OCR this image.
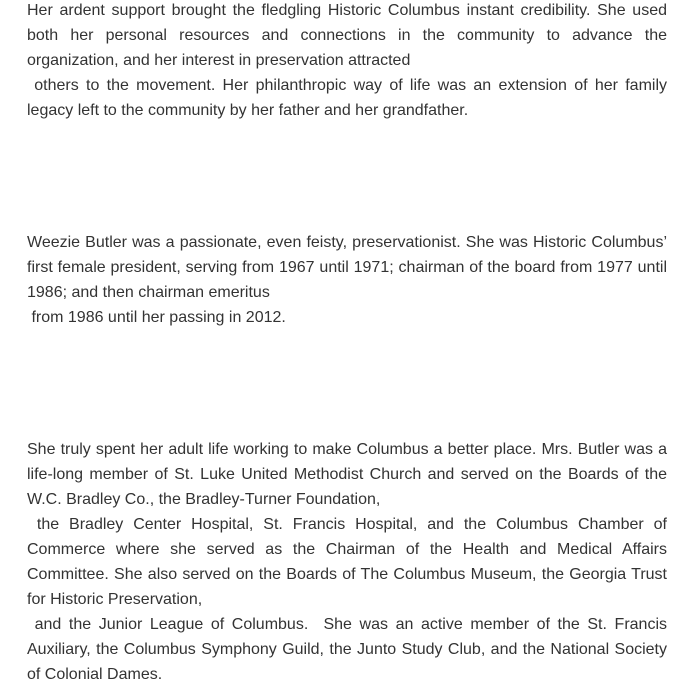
Her ardent support brought the fledgling Historic Columbus instant credibility. She used
both her personal resources and connections in the community to advance the
organization, and her interest in preservation attracted
others to the movement. Her philanthropic way of life was an extension of her family
legacy left to the community by her father and her grandfather.
Weezie Butler was a passionate, even feisty, preservationist. She was Historic Columbus’
first female president, serving from 1967 until 1971; chairman of the board from 1977 until
1986; and then chairman emeritus
from 1986 until her passing in 2012.
She truly spent her adult life working to make Columbus a better place. Mrs. Butler was a
life-long member of St. Luke United Methodist Church and served on the Boards of the
W.C. Bradley Co., the Bradley-Turner Foundation,
the Bradley Center Hospital, St. Francis Hospital, and the Columbus Chamber of
Commerce where she served as the Chairman of the Health and Medical Affairs
Committee. She also served on the Boards of The Columbus Museum, the Georgia Trust
for Historic Preservation,
and the Junior League of Columbus.  She was an active member of the St. Francis
Auxiliary, the Columbus Symphony Guild, the Junto Study Club, and the National Society
of Colonial Dames.
